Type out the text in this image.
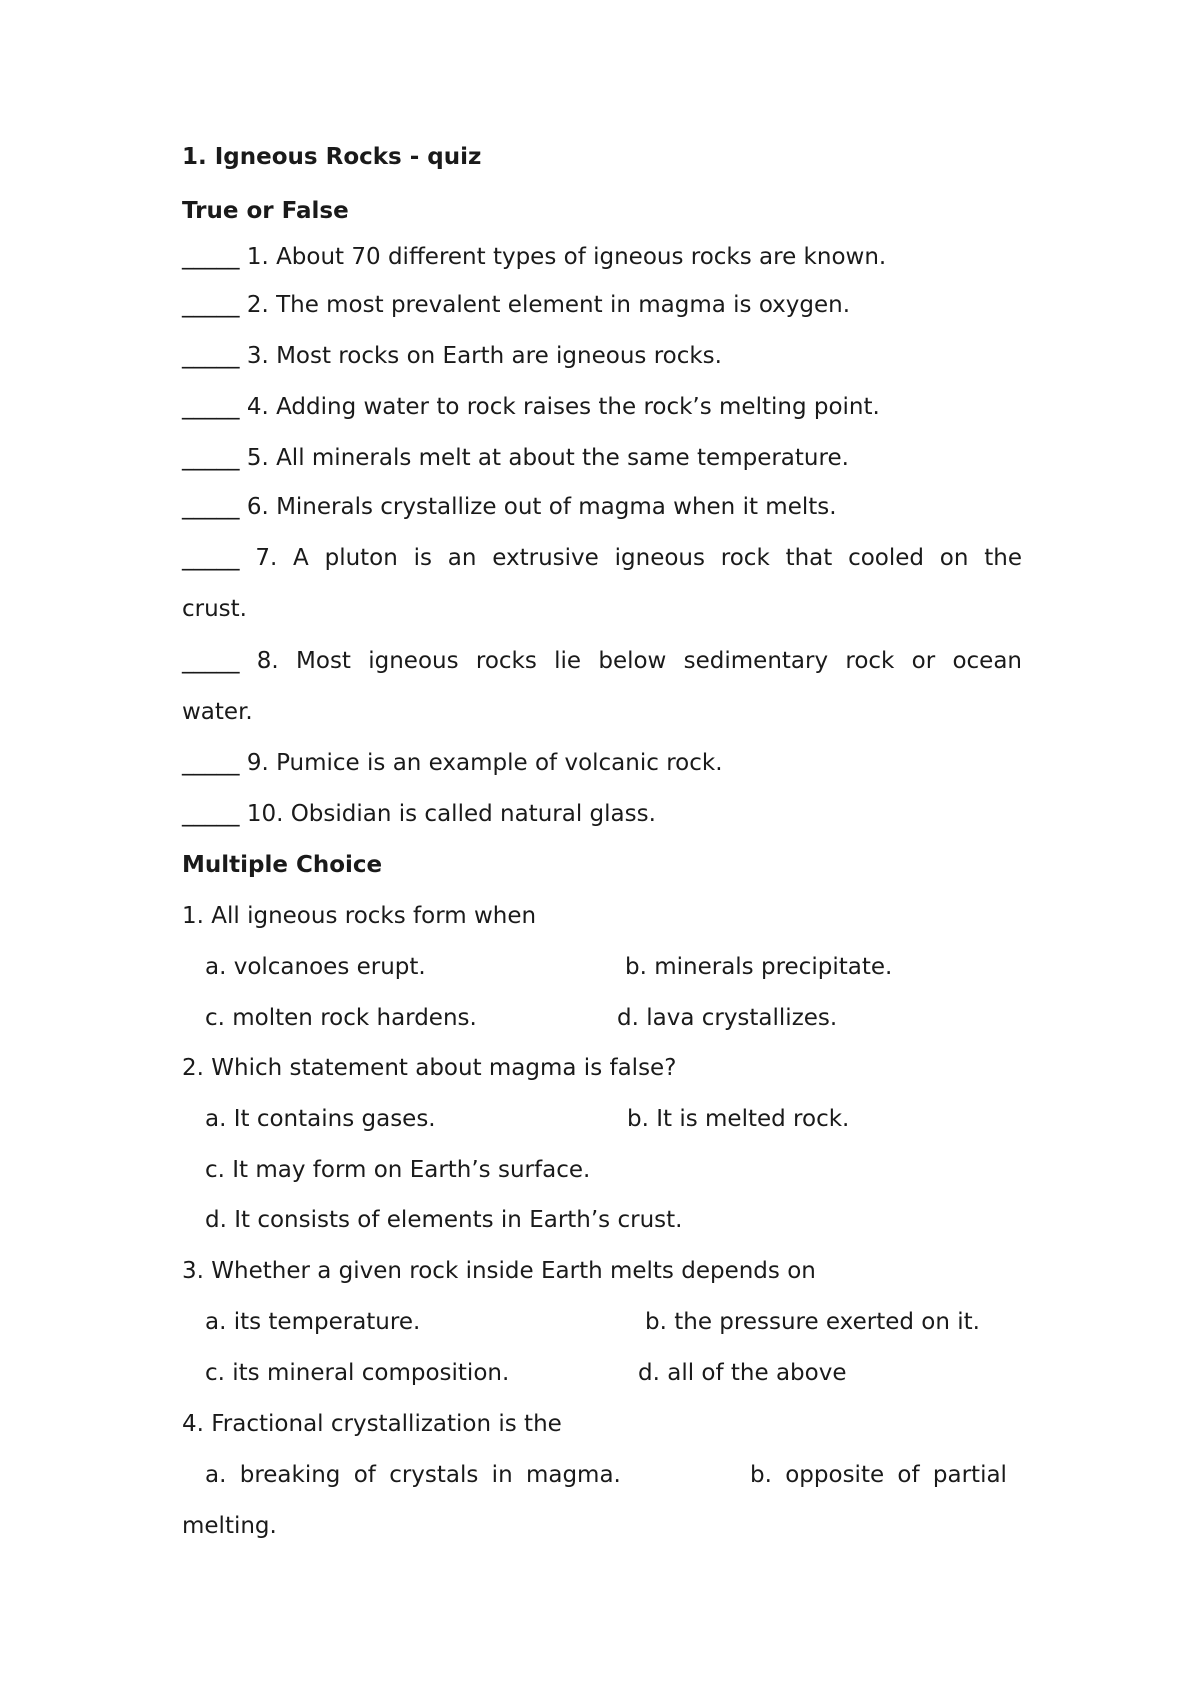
1. Igneous Rocks - quiz
True or False
_____ 1. About 70 different types of igneous rocks are known.
_____ 2. The most prevalent element in magma is oxygen.
_____ 3. Most rocks on Earth are igneous rocks.
_____ 4. Adding water to rock raises the rock’s melting point.
_____ 5. All minerals melt at about the same temperature.
_____ 6. Minerals crystallize out of magma when it melts.
_____ 7. A pluton is an extrusive igneous rock that cooled on the
crust.
_____ 8. Most igneous rocks lie below sedimentary rock or ocean
water.
_____ 9. Pumice is an example of volcanic rock.
_____ 10. Obsidian is called natural glass.
Multiple Choice
1. All igneous rocks form when
a. volcanoes erupt.	b. minerals precipitate.
c. molten rock hardens.	d. lava crystallizes.
2. Which statement about magma is false?
a. It contains gases.	b. It is melted rock.
c. It may form on Earth’s surface.
d. It consists of elements in Earth’s crust.
3. Whether a given rock inside Earth melts depends on
a. its temperature.	b. the pressure exerted on it.
c. its mineral composition.	d. all of the above
4. Fractional crystallization is the
a. breaking of crystals in magma.	b. opposite of partial
melting.
